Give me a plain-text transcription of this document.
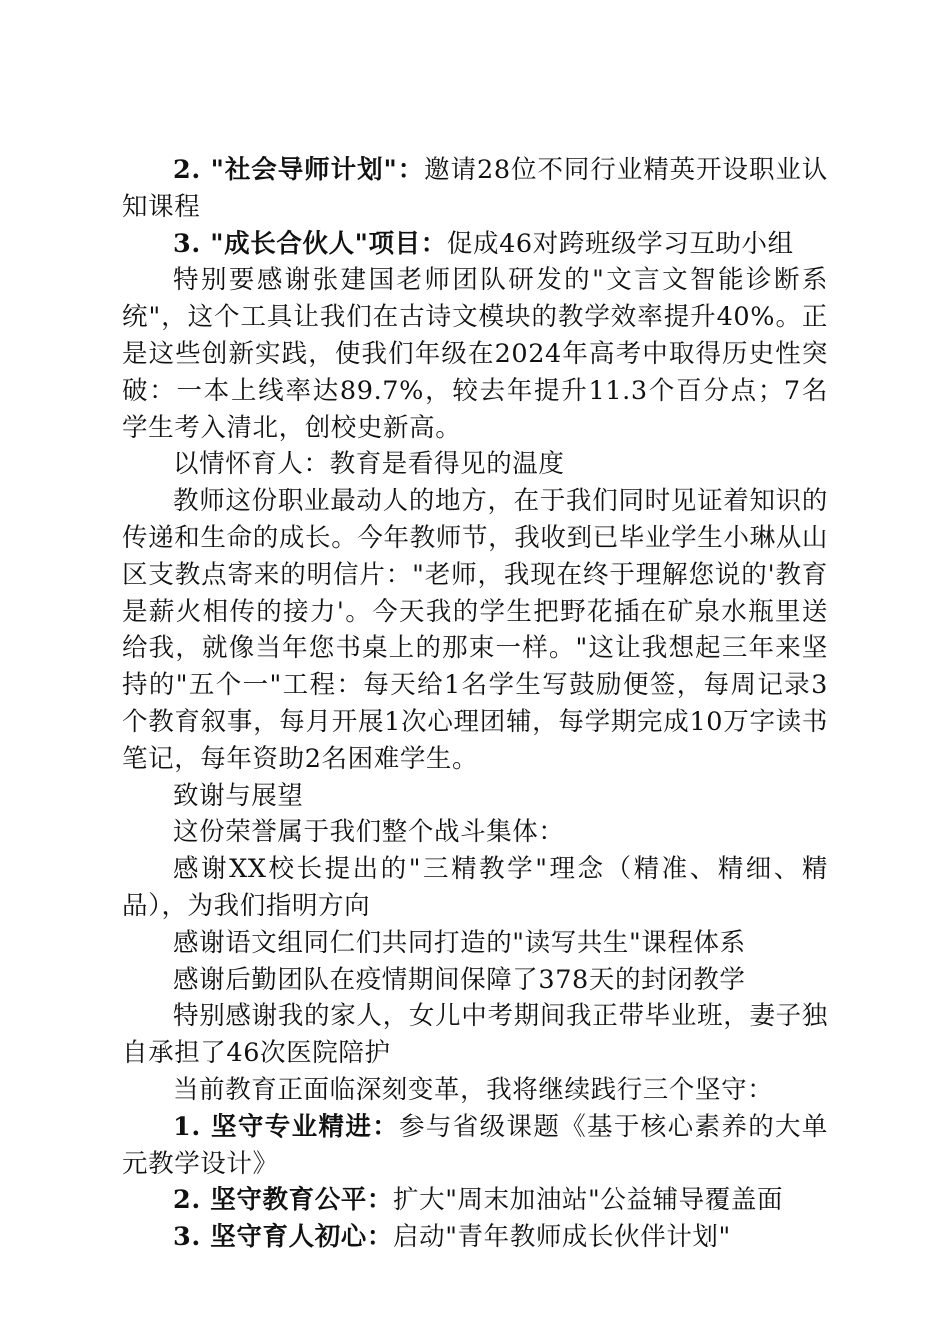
2. "社会导师计划"：邀请28位不同行业精英开设职业认知课程

3. "成长合伙人"项目：促成46对跨班级学习互助小组

特别要感谢张建国老师团队研发的"文言文智能诊断系统"，这个工具让我们在古诗文模块的教学效率提升40%。正是这些创新实践，使我们年级在2024年高考中取得历史性突破：一本上线率达89.7%，较去年提升11.3个百分点；7名学生考入清北，创校史新高。

以情怀育人：教育是看得见的温度

教师这份职业最动人的地方，在于我们同时见证着知识的传递和生命的成长。今年教师节，我收到已毕业学生小琳从山区支教点寄来的明信片："老师，我现在终于理解您说的'教育是薪火相传的接力'。今天我的学生把野花插在矿泉水瓶里送给我，就像当年您书桌上的那束一样。"这让我想起三年来坚持的"五个一"工程：每天给1名学生写鼓励便签，每周记录3个教育叙事，每月开展1次心理团辅，每学期完成10万字读书笔记，每年资助2名困难学生。

致谢与展望

这份荣誉属于我们整个战斗集体：

感谢XX校长提出的"三精教学"理念（精准、精细、精品），为我们指明方向

感谢语文组同仁们共同打造的"读写共生"课程体系

感谢后勤团队在疫情期间保障了378天的封闭教学

特别感谢我的家人，女儿中考期间我正带毕业班，妻子独自承担了46次医院陪护

当前教育正面临深刻变革，我将继续践行三个坚守：

1. 坚守专业精进：参与省级课题《基于核心素养的大单元教学设计》

2. 坚守教育公平：扩大"周末加油站"公益辅导覆盖面

3. 坚守育人初心：启动"青年教师成长伙伴计划"
